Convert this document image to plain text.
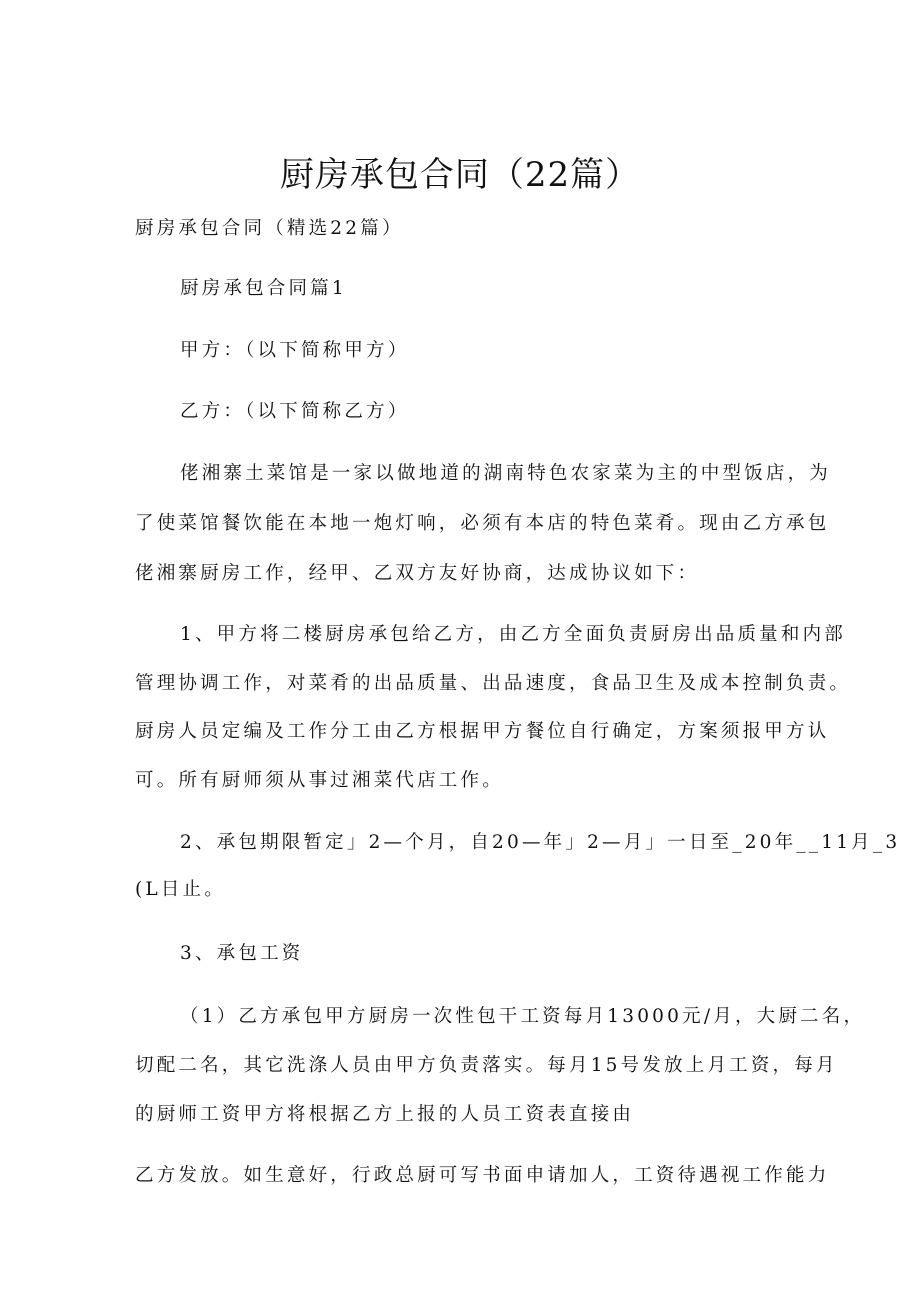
厨房承包合同（22篇）

厨房承包合同（精选22篇）

厨房承包合同篇1

甲方：（以下简称甲方）

乙方：（以下简称乙方）

佬湘寨土菜馆是一家以做地道的湖南特色农家菜为主的中型饭店，为

了使菜馆餐饮能在本地一炮灯响，必须有本店的特色菜肴。现由乙方承包

佬湘寨厨房工作，经甲、乙双方友好协商，达成协议如下：

1、甲方将二楼厨房承包给乙方，由乙方全面负责厨房出品质量和内部

管理协调工作，对菜肴的出品质量、出品速度，食品卫生及成本控制负责。

厨房人员定编及工作分工由乙方根据甲方餐位自行确定，方案须报甲方认

可。所有厨师须从事过湘菜代店工作。

2、承包期限暂定」2—个月，自20—年」2—月」一日至_20年__11月_3

(L日止。

3、承包工资

（1）乙方承包甲方厨房一次性包干工资每月13000元/月，大厨二名，

切配二名，其它洗涤人员由甲方负责落实。每月15号发放上月工资，每月

的厨师工资甲方将根据乙方上报的人员工资表直接由

乙方发放。如生意好，行政总厨可写书面申请加人，工资待遇视工作能力
